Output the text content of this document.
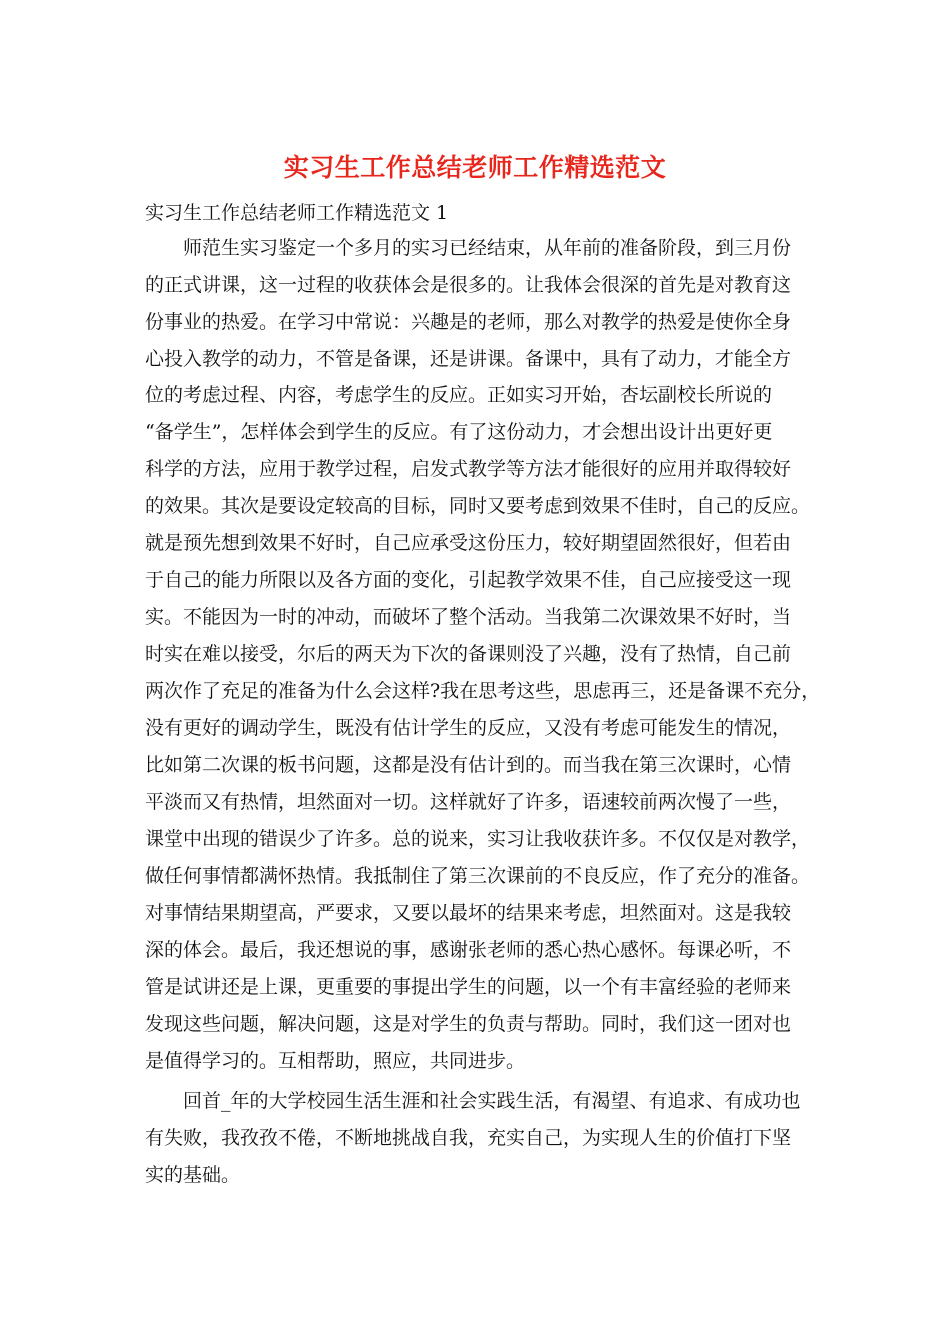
实习生工作总结老师工作精选范文
实习生工作总结老师工作精选范文 1
师范生实习鉴定一个多月的实习已经结束，从年前的准备阶段，到三月份
的正式讲课，这一过程的收获体会是很多的。让我体会很深的首先是对教育这
份事业的热爱。在学习中常说：兴趣是的老师，那么对教学的热爱是使你全身
心投入教学的动力，不管是备课，还是讲课。备课中，具有了动力，才能全方
位的考虑过程、内容，考虑学生的反应。正如实习开始，杏坛副校长所说的
“备学生”，怎样体会到学生的反应。有了这份动力，才会想出设计出更好更
科学的方法，应用于教学过程，启发式教学等方法才能很好的应用并取得较好
的效果。其次是要设定较高的目标，同时又要考虑到效果不佳时，自己的反应。
就是预先想到效果不好时，自己应承受这份压力，较好期望固然很好，但若由
于自己的能力所限以及各方面的变化，引起教学效果不佳，自己应接受这一现
实。不能因为一时的冲动，而破坏了整个活动。当我第二次课效果不好时，当
时实在难以接受，尔后的两天为下次的备课则没了兴趣，没有了热情，自己前
两次作了充足的准备为什么会这样?我在思考这些，思虑再三，还是备课不充分，
没有更好的调动学生，既没有估计学生的反应，又没有考虑可能发生的情况，
比如第二次课的板书问题，这都是没有估计到的。而当我在第三次课时，心情
平淡而又有热情，坦然面对一切。这样就好了许多，语速较前两次慢了一些，
课堂中出现的错误少了许多。总的说来，实习让我收获许多。不仅仅是对教学，
做任何事情都满怀热情。我抵制住了第三次课前的不良反应，作了充分的准备。
对事情结果期望高，严要求，又要以最坏的结果来考虑，坦然面对。这是我较
深的体会。最后，我还想说的事，感谢张老师的悉心热心感怀。每课必听，不
管是试讲还是上课，更重要的事提出学生的问题，以一个有丰富经验的老师来
发现这些问题，解决问题，这是对学生的负责与帮助。同时，我们这一团对也
是值得学习的。互相帮助，照应，共同进步。
回首_年的大学校园生活生涯和社会实践生活，有渴望、有追求、有成功也
有失败，我孜孜不倦，不断地挑战自我，充实自己，为实现人生的价值打下坚
实的基础。
